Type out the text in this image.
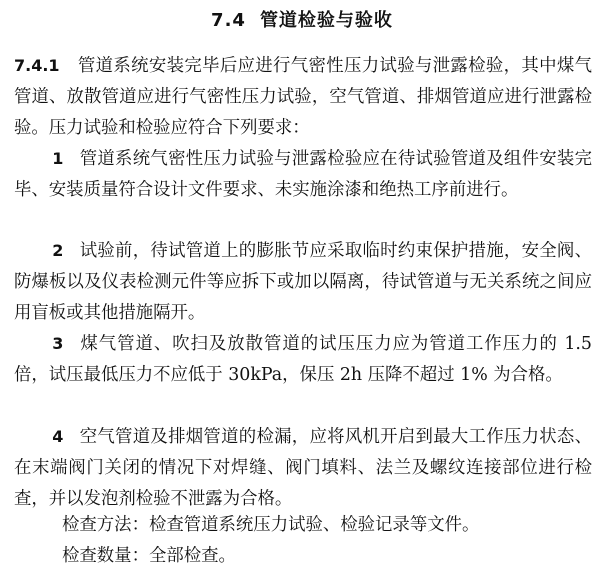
7.4 管道检验与验收

7.4.1 管道系统安装完毕后应进行气密性压力试验与泄露检验，其中煤气管道、放散管道应进行气密性压力试验，空气管道、排烟管道应进行泄露检验。压力试验和检验应符合下列要求：

1 管道系统气密性压力试验与泄露检验应在待试验管道及组件安装完毕、安装质量符合设计文件要求、未实施涂漆和绝热工序前进行。

2 试验前，待试管道上的膨胀节应采取临时约束保护措施，安全阀、防爆板以及仪表检测元件等应拆下或加以隔离，待试管道与无关系统之间应用盲板或其他措施隔开。

3 煤气管道、吹扫及放散管道的试压压力应为管道工作压力的 1.5 倍，试压最低压力不应低于 30kPa，保压 2h 压降不超过 1% 为合格。

4 空气管道及排烟管道的检漏，应将风机开启到最大工作压力状态、在末端阀门关闭的情况下对焊缝、阀门填料、法兰及螺纹连接部位进行检查，并以发泡剂检验不泄露为合格。

检查方法：检查管道系统压力试验、检验记录等文件。
检查数量：全部检查。
